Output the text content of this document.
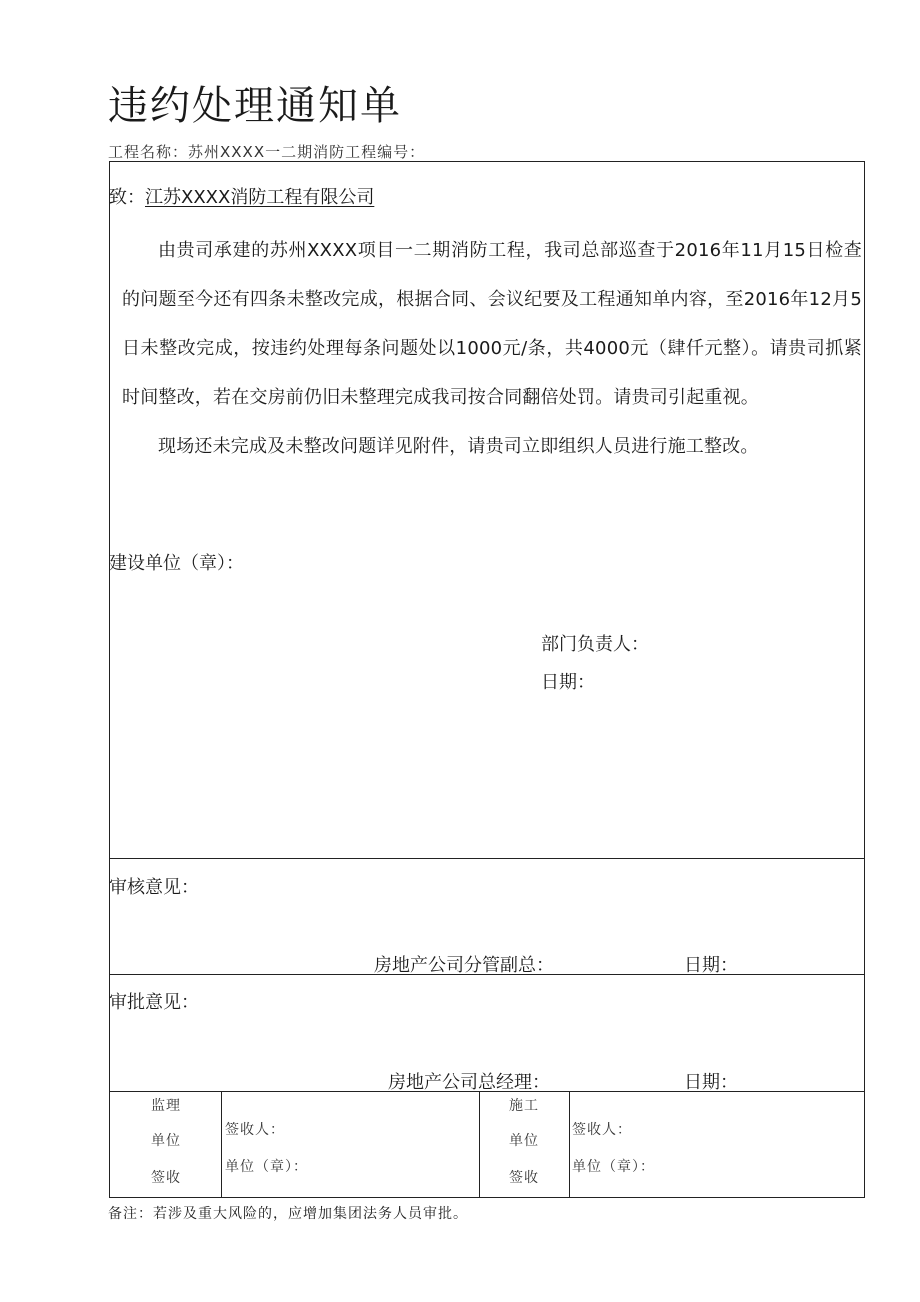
违约处理通知单
工程名称：苏州XXXX一二期消防工程编号：
致：江苏XXXX消防工程有限公司

由贵司承建的苏州XXXX项目一二期消防工程，我司总部巡查于2016年11月15日检查的问题至今还有四条未整改完成，根据合同、会议纪要及工程通知单内容，至2016年12月5日未整改完成，按违约处理每条问题处以1000元/条，共4000元（肆仟元整）。请贵司抓紧时间整改，若在交房前仍旧未整理完成我司按合同翻倍处罚。请贵司引起重视。

现场还未完成及未整改问题详见附件，请贵司立即组织人员进行施工整改。

建设单位（章）：
部门负责人：
日期：
审核意见：
房地产公司分管副总：	日期：
审批意见：
房地产公司总经理：	日期：
监理
单位
签收
签收人：
单位（章）：
施工
单位
签收
签收人：
单位（章）：
备注：若涉及重大风险的，应增加集团法务人员审批。
